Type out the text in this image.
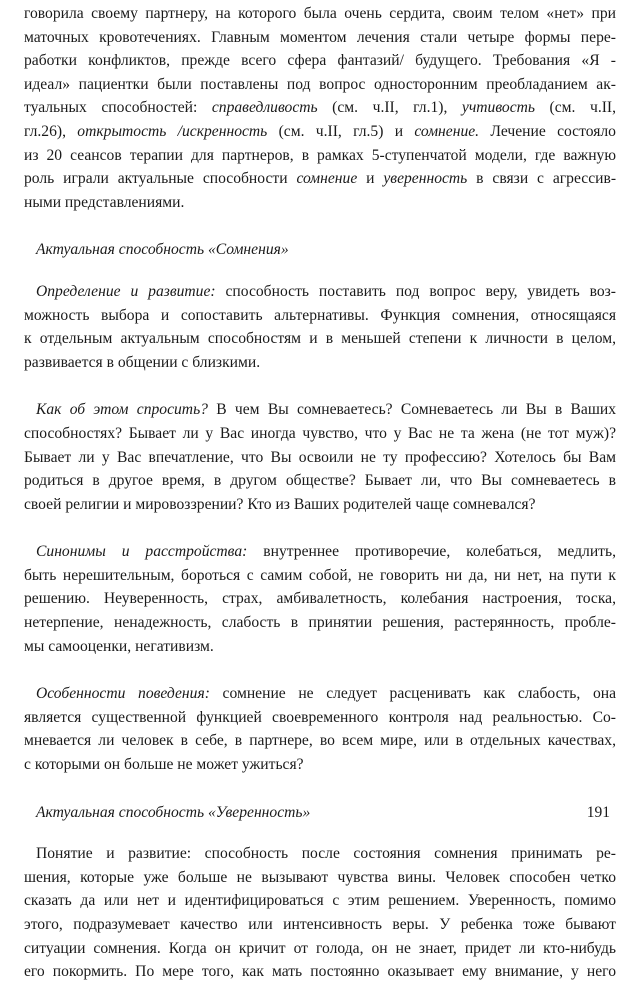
говорила своему партнеру, на которого была очень сердита, своим телом «нет» при
маточных кровотечениях. Главным моментом лечения стали четыре формы пере-
работки конфликтов, прежде всего сфера фантазий/ будущего. Требования «Я -
идеал» пациентки были поставлены под вопрос односторонним преобладанием ак-
туальных способностей: справедливость (см. ч.II, гл.1), учтивость (см. ч.II,
гл.26), открытость /искренность (см. ч.II, гл.5) и сомнение. Лечение состояло
из 20 сеансов терапии для партнеров, в рамках 5-ступенчатой модели, где важную
роль играли актуальные способности сомнение и уверенность в связи с агрессив-
ными представлениями.

Актуальная способность «Сомнения»

Определение и развитие: способность поставить под вопрос веру, увидеть воз-
можность выбора и сопоставить альтернативы. Функция сомнения, относящаяся
к отдельным актуальным способностям и в меньшей степени к личности в целом,
развивается в общении с близкими.

Как об этом спросить? В чем Вы сомневаетесь? Сомневаетесь ли Вы в Ваших
способностях? Бывает ли у Вас иногда чувство, что у Вас не та жена (не тот муж)?
Бывает ли у Вас впечатление, что Вы освоили не ту профессию? Хотелось бы Вам
родиться в другое время, в другом обществе? Бывает ли, что Вы сомневаетесь в
своей религии и мировоззрении? Кто из Ваших родителей чаще сомневался?

Синонимы и расстройства: внутреннее противоречие, колебаться, медлить,
быть нерешительным, бороться с самим собой, не говорить ни да, ни нет, на пути к
решению. Неуверенность, страх, амбивалетность, колебания настроения, тоска,
нетерпение, ненадежность, слабость в принятии решения, растерянность, пробле-
мы самооценки, негативизм.

Особенности поведения: сомнение не следует расценивать как слабость, она
является существенной функцией своевременного контроля над реальностью. Со-
мневается ли человек в себе, в партнере, во всем мире, или в отдельных качествах,
с которыми он больше не может ужиться?

Актуальная способность «Уверенность»

Понятие и развитие: способность после состояния сомнения принимать ре-
шения, которые уже больше не вызывают чувства вины. Человек способен четко
сказать да или нет и идентифицироваться с этим решением. Уверенность, помимо
этого, подразумевает качество или интенсивность веры. У ребенка тоже бывают
ситуации сомнения. Когда он кричит от голода, он не знает, придет ли кто-нибудь
его покормить. По мере того, как мать постоянно оказывает ему внимание, у него

191
